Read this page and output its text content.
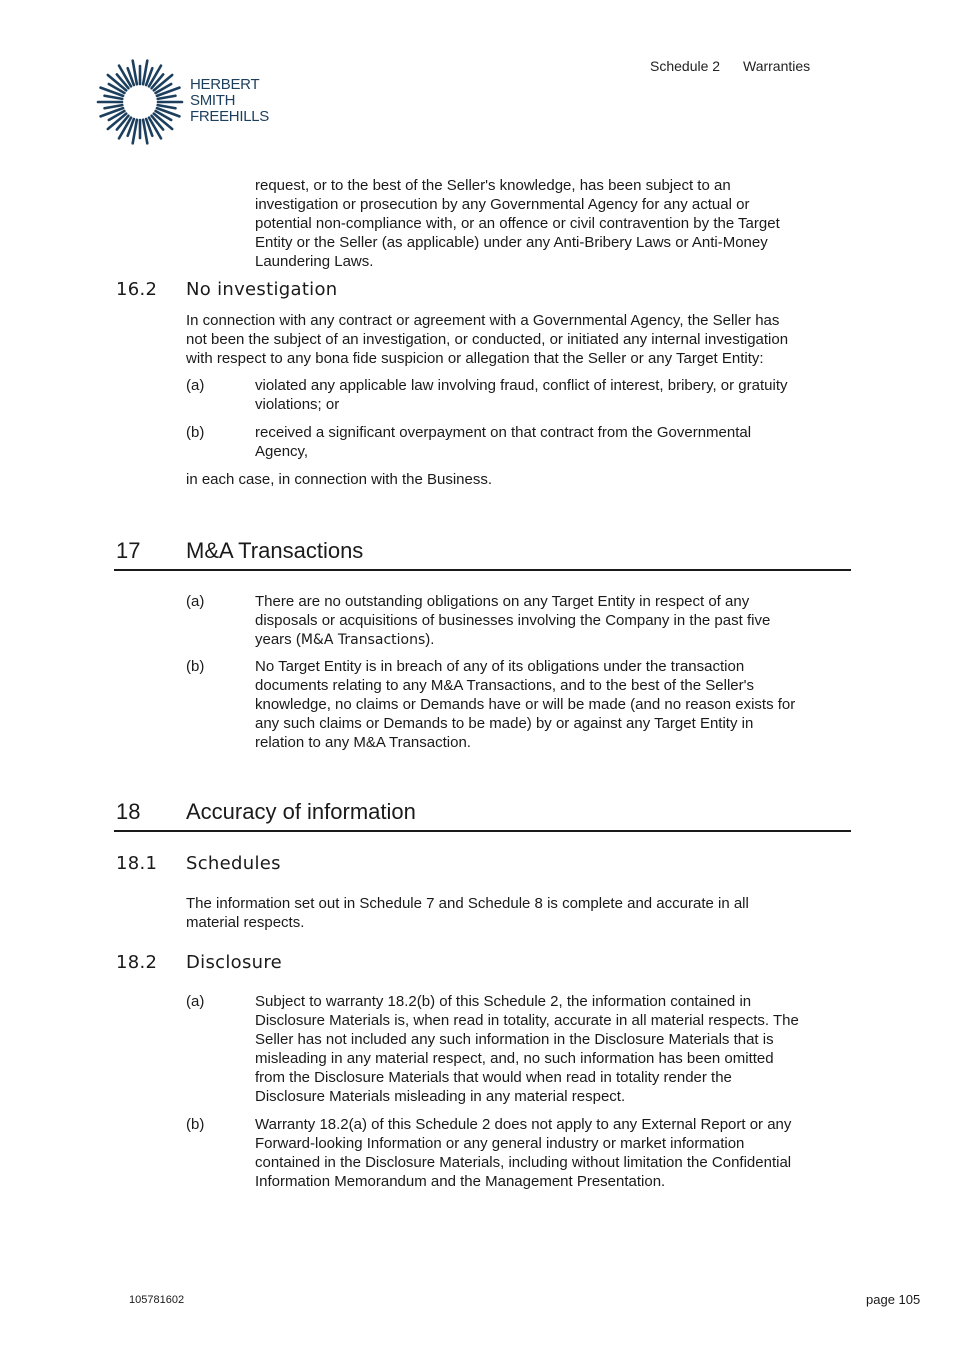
HERBERT
SMITH
FREEHILLS
Schedule 2 Warranties
request, or to the best of the Seller's knowledge, has been subject to an
investigation or prosecution by any Governmental Agency for any actual or
potential non-compliance with, or an offence or civil contravention by the Target
Entity or the Seller (as applicable) under any Anti-Bribery Laws or Anti-Money
Laundering Laws.
16.2 No investigation
In connection with any contract or agreement with a Governmental Agency, the Seller has
not been the subject of an investigation, or conducted, or initiated any internal investigation
with respect to any bona fide suspicion or allegation that the Seller or any Target Entity:
(a)	violated any applicable law involving fraud, conflict of interest, bribery, or gratuity
violations; or
(b)	received a significant overpayment on that contract from the Governmental
Agency,
in each case, in connection with the Business.
17 M&A Transactions
(a)	There are no outstanding obligations on any Target Entity in respect of any
disposals or acquisitions of businesses involving the Company in the past five
years (M&A Transactions).
(b)	No Target Entity is in breach of any of its obligations under the transaction
documents relating to any M&A Transactions, and to the best of the Seller's
knowledge, no claims or Demands have or will be made (and no reason exists for
any such claims or Demands to be made) by or against any Target Entity in
relation to any M&A Transaction.
18 Accuracy of information
18.1 Schedules
The information set out in Schedule 7 and Schedule 8 is complete and accurate in all
material respects.
18.2 Disclosure
(a)	Subject to warranty 18.2(b) of this Schedule 2, the information contained in
Disclosure Materials is, when read in totality, accurate in all material respects. The
Seller has not included any such information in the Disclosure Materials that is
misleading in any material respect, and, no such information has been omitted
from the Disclosure Materials that would when read in totality render the
Disclosure Materials misleading in any material respect.
(b)	Warranty 18.2(a) of this Schedule 2 does not apply to any External Report or any
Forward-looking Information or any general industry or market information
contained in the Disclosure Materials, including without limitation the Confidential
Information Memorandum and the Management Presentation.
105781602	page 105
